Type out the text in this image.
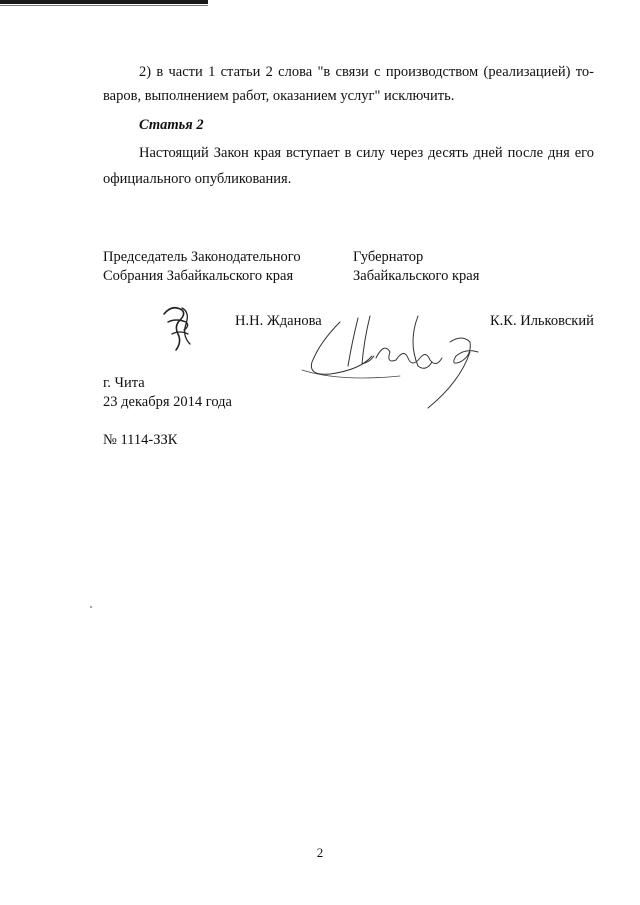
2) в части 1 статьи 2 слова "в связи с производством (реализацией) то-
варов, выполнением работ, оказанием услуг" исключить.
Статья 2
Настоящий Закон края вступает в силу через десять дней после дня его
официального опубликования.
Председатель Законодательного
Собрания Забайкальского края
Губернатор
Забайкальского края
Н.Н. Жданова	К.К. Ильковский
г. Чита
23 декабря 2014 года
№ 1114-ЗЗК
2
